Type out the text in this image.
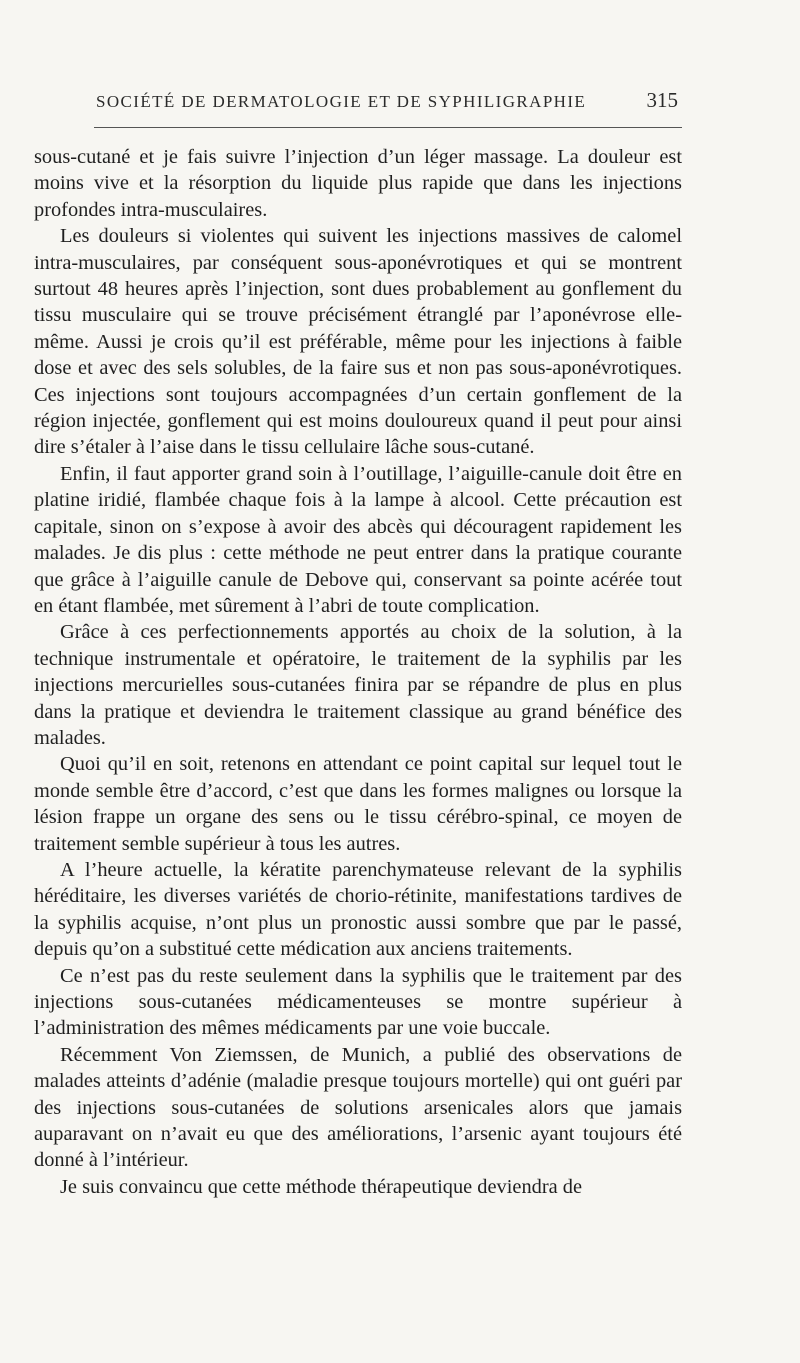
SOCIÉTÉ DE DERMATOLOGIE ET DE SYPHILIGRAPHIE	315

sous-cutané et je fais suivre l’injection d’un léger massage. La douleur est moins vive et la résorption du liquide plus rapide que dans les injections profondes intra-musculaires.

Les douleurs si violentes qui suivent les injections massives de calomel intra-musculaires, par conséquent sous-aponévrotiques et qui se montrent surtout 48 heures après l’injection, sont dues probablement au gonflement du tissu musculaire qui se trouve précisément étranglé par l’aponévrose elle-même. Aussi je crois qu’il est préférable, même pour les injections à faible dose et avec des sels solubles, de la faire sus et non pas sous-aponévrotiques. Ces injections sont toujours accompagnées d’un certain gonflement de la région injectée, gonflement qui est moins douloureux quand il peut pour ainsi dire s’étaler à l’aise dans le tissu cellulaire lâche sous-cutané.

Enfin, il faut apporter grand soin à l’outillage, l’aiguille-canule doit être en platine iridié, flambée chaque fois à la lampe à alcool. Cette précaution est capitale, sinon on s’expose à avoir des abcès qui découragent rapidement les malades. Je dis plus : cette méthode ne peut entrer dans la pratique courante que grâce à l’aiguille canule de Debove qui, conservant sa pointe acérée tout en étant flambée, met sûrement à l’abri de toute complication.

Grâce à ces perfectionnements apportés au choix de la solution, à la technique instrumentale et opératoire, le traitement de la syphilis par les injections mercurielles sous-cutanées finira par se répandre de plus en plus dans la pratique et deviendra le traitement classique au grand bénéfice des malades.

Quoi qu’il en soit, retenons en attendant ce point capital sur lequel tout le monde semble être d’accord, c’est que dans les formes malignes ou lorsque la lésion frappe un organe des sens ou le tissu cérébro-spinal, ce moyen de traitement semble supérieur à tous les autres.

A l’heure actuelle, la kératite parenchymateuse relevant de la syphilis héréditaire, les diverses variétés de chorio-rétinite, manifestations tardives de la syphilis acquise, n’ont plus un pronostic aussi sombre que par le passé, depuis qu’on a substitué cette médication aux anciens traitements.

Ce n’est pas du reste seulement dans la syphilis que le traitement par des injections sous-cutanées médicamenteuses se montre supérieur à l’administration des mêmes médicaments par une voie buccale.

Récemment Von Ziemssen, de Munich, a publié des observations de malades atteints d’adénie (maladie presque toujours mortelle) qui ont guéri par des injections sous-cutanées de solutions arsenicales alors que jamais auparavant on n’avait eu que des améliorations, l’arsenic ayant toujours été donné à l’intérieur.

Je suis convaincu que cette méthode thérapeutique deviendra de
